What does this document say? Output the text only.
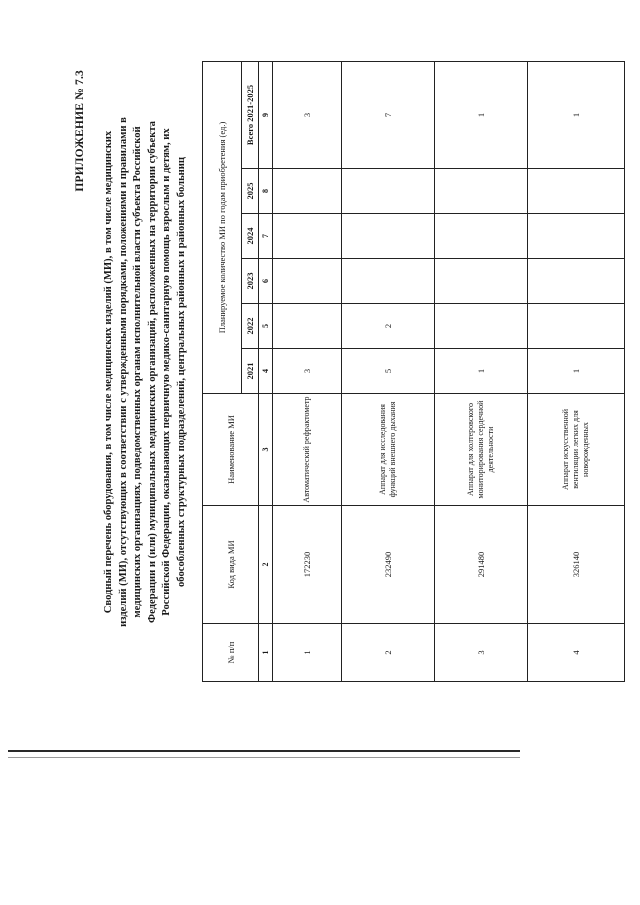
ПРИЛОЖЕНИЕ № 7.3 Сводный перечень оборудования, в том числе медицинских изделий (МИ), в том числе медицинских изделий (МИ), отсутствующих в соответствии с утвержденными порядками, положениями и правилами в медицинских организациях, подведомственных органам исполнительной власти субъекта Российской Федерации и (или) муниципальных медицинских организаций, расположенных на территории субъекта Российской Федерации, оказывающих первичную медико-санитарную помощь взрослым и детям, их обособленных структурных подразделений, центральных районных и районных больниц
№ п/п	Код вида МИ	Наименование МИ	Планируемое количество МИ по годам приобретения (ед.)					
			2021	2022	2023	2024	2025	Всего 2021-2025
1	2	3	4	5	6	7	8	9
1	172230	Автоматический рефрактометр	3					3
2	232490	Аппарат для исследования функций внешнего дыхания	5	2				7
3	291480	Аппарат для холтеровского мониторирования сердечной деятельности	1					1
4	326140	Аппарат искусственной вентиляции легких для новорожденных	1					1
